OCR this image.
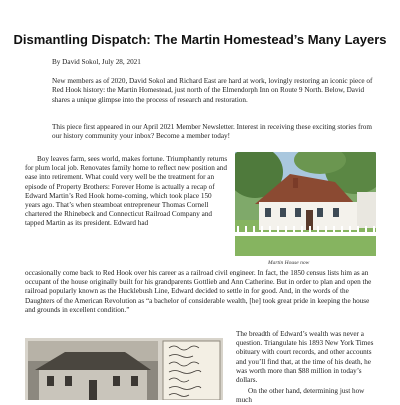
Dismantling Dispatch: The Martin Homestead’s Many Layers
By David Sokol, July 28, 2021

New members as of 2020, David Sokol and Richard East are hard at work, lovingly restoring an iconic piece of Red Hook history: the Martin Homestead, just north of the Elmendorph Inn on Route 9 North. Below, David shares a unique glimpse into the process of research and restoration.

This piece first appeared in our April 2021 Member Newsletter. Interest in receiving these exciting stories from our history community your inbox? Become a member today!

Boy leaves farm, sees world, makes fortune. Triumphantly returns for plum local job. Renovates family home to reflect new position and ease into retirement. What could very well be the treatment for an episode of Property Brothers: Forever Home is actually a recap of Edward Martin’s Red Hook home-coming, which took place 150 years ago. That’s when steamboat entrepreneur Thomas Cornell chartered the Rhinebeck and Connecticut Railroad Company and tapped Martin as its president. Edward had

Martin House now

occasionally come back to Red Hook over his career as a railroad civil engineer. In fact, the 1850 census lists him as an occupant of the house originally built for his grandparents Gottlieb and Ann Catherine. But in order to plan and open the railroad popularly known as the Hucklebush Line, Edward decided to settle in for good. And, in the words of the Daughters of the American Revolution as “a bachelor of considerable wealth, [he] took great pride in keeping the house and grounds in excellent condition.”

The breadth of Edward’s wealth was never a question. Triangulate his 1893 New York Times obituary with court records, and other accounts and you’ll find that, at the time of his death, he was worth more than $88 million in today’s dollars.

On the other hand, determining just how much
